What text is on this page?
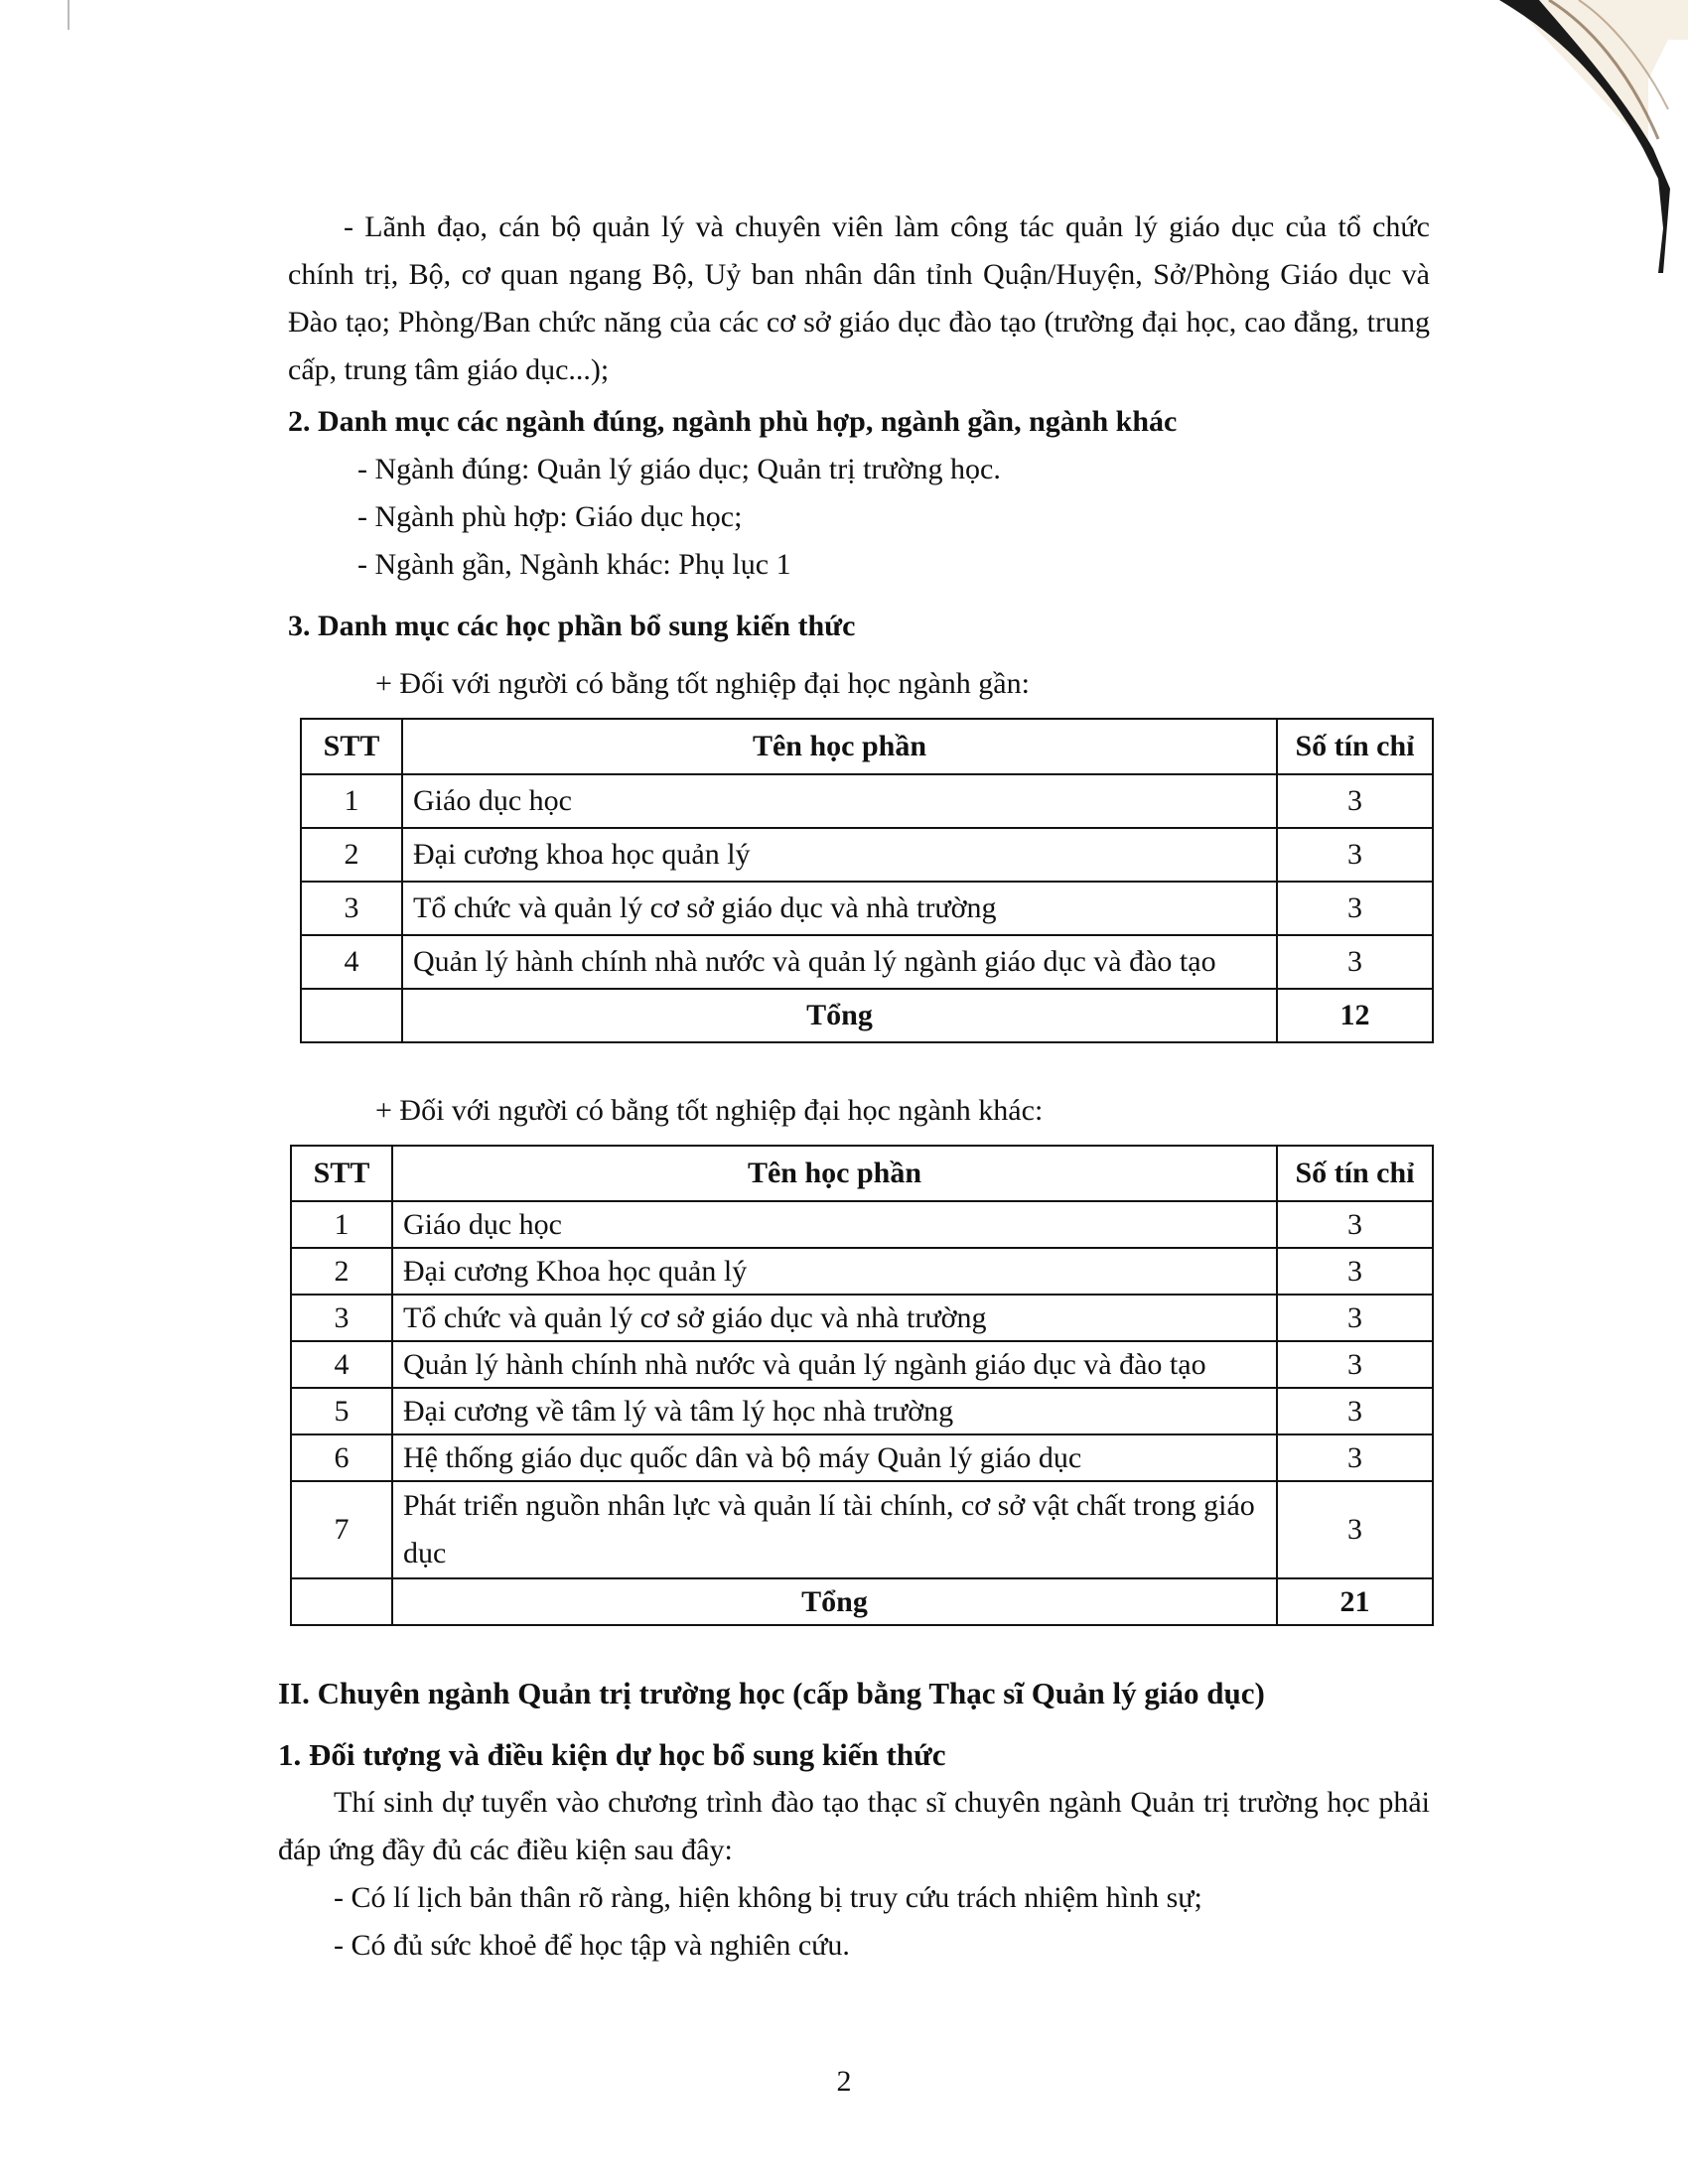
- Lãnh đạo, cán bộ quản lý và chuyên viên làm công tác quản lý giáo dục của tổ chức chính trị, Bộ, cơ quan ngang Bộ, Uỷ ban nhân dân tỉnh Quận/Huyện, Sở/Phòng Giáo dục và Đào tạo; Phòng/Ban chức năng của các cơ sở giáo dục đào tạo (trường đại học, cao đẳng, trung cấp, trung tâm giáo dục...);

2. Danh mục các ngành đúng, ngành phù hợp, ngành gần, ngành khác

- Ngành đúng: Quản lý giáo dục; Quản trị trường học.

- Ngành phù hợp: Giáo dục học;

- Ngành gần, Ngành khác: Phụ lục 1

3. Danh mục các học phần bổ sung kiến thức

+ Đối với người có bằng tốt nghiệp đại học ngành gần:

STT	Tên học phần	Số tín chỉ
1	Giáo dục học	3
2	Đại cương khoa học quản lý	3
3	Tổ chức và quản lý cơ sở giáo dục và nhà trường	3
4	Quản lý hành chính nhà nước và quản lý ngành giáo dục và đào tạo	3
	Tổng	12

+ Đối với người có bằng tốt nghiệp đại học ngành khác:

STT	Tên học phần	Số tín chỉ
1	Giáo dục học	3
2	Đại cương Khoa học quản lý	3
3	Tổ chức và quản lý cơ sở giáo dục và nhà trường	3
4	Quản lý hành chính nhà nước và quản lý ngành giáo dục và đào tạo	3
5	Đại cương về tâm lý và tâm lý học nhà trường	3
6	Hệ thống giáo dục quốc dân và bộ máy Quản lý giáo dục	3
7	Phát triển nguồn nhân lực và quản lí tài chính, cơ sở vật chất trong giáo dục	3
	Tổng	21

II. Chuyên ngành Quản trị trường học (cấp bằng Thạc sĩ Quản lý giáo dục)

1. Đối tượng và điều kiện dự học bổ sung kiến thức

Thí sinh dự tuyển vào chương trình đào tạo thạc sĩ chuyên ngành Quản trị trường học phải đáp ứng đầy đủ các điều kiện sau đây:

- Có lí lịch bản thân rõ ràng, hiện không bị truy cứu trách nhiệm hình sự;

- Có đủ sức khoẻ để học tập và nghiên cứu.

2
